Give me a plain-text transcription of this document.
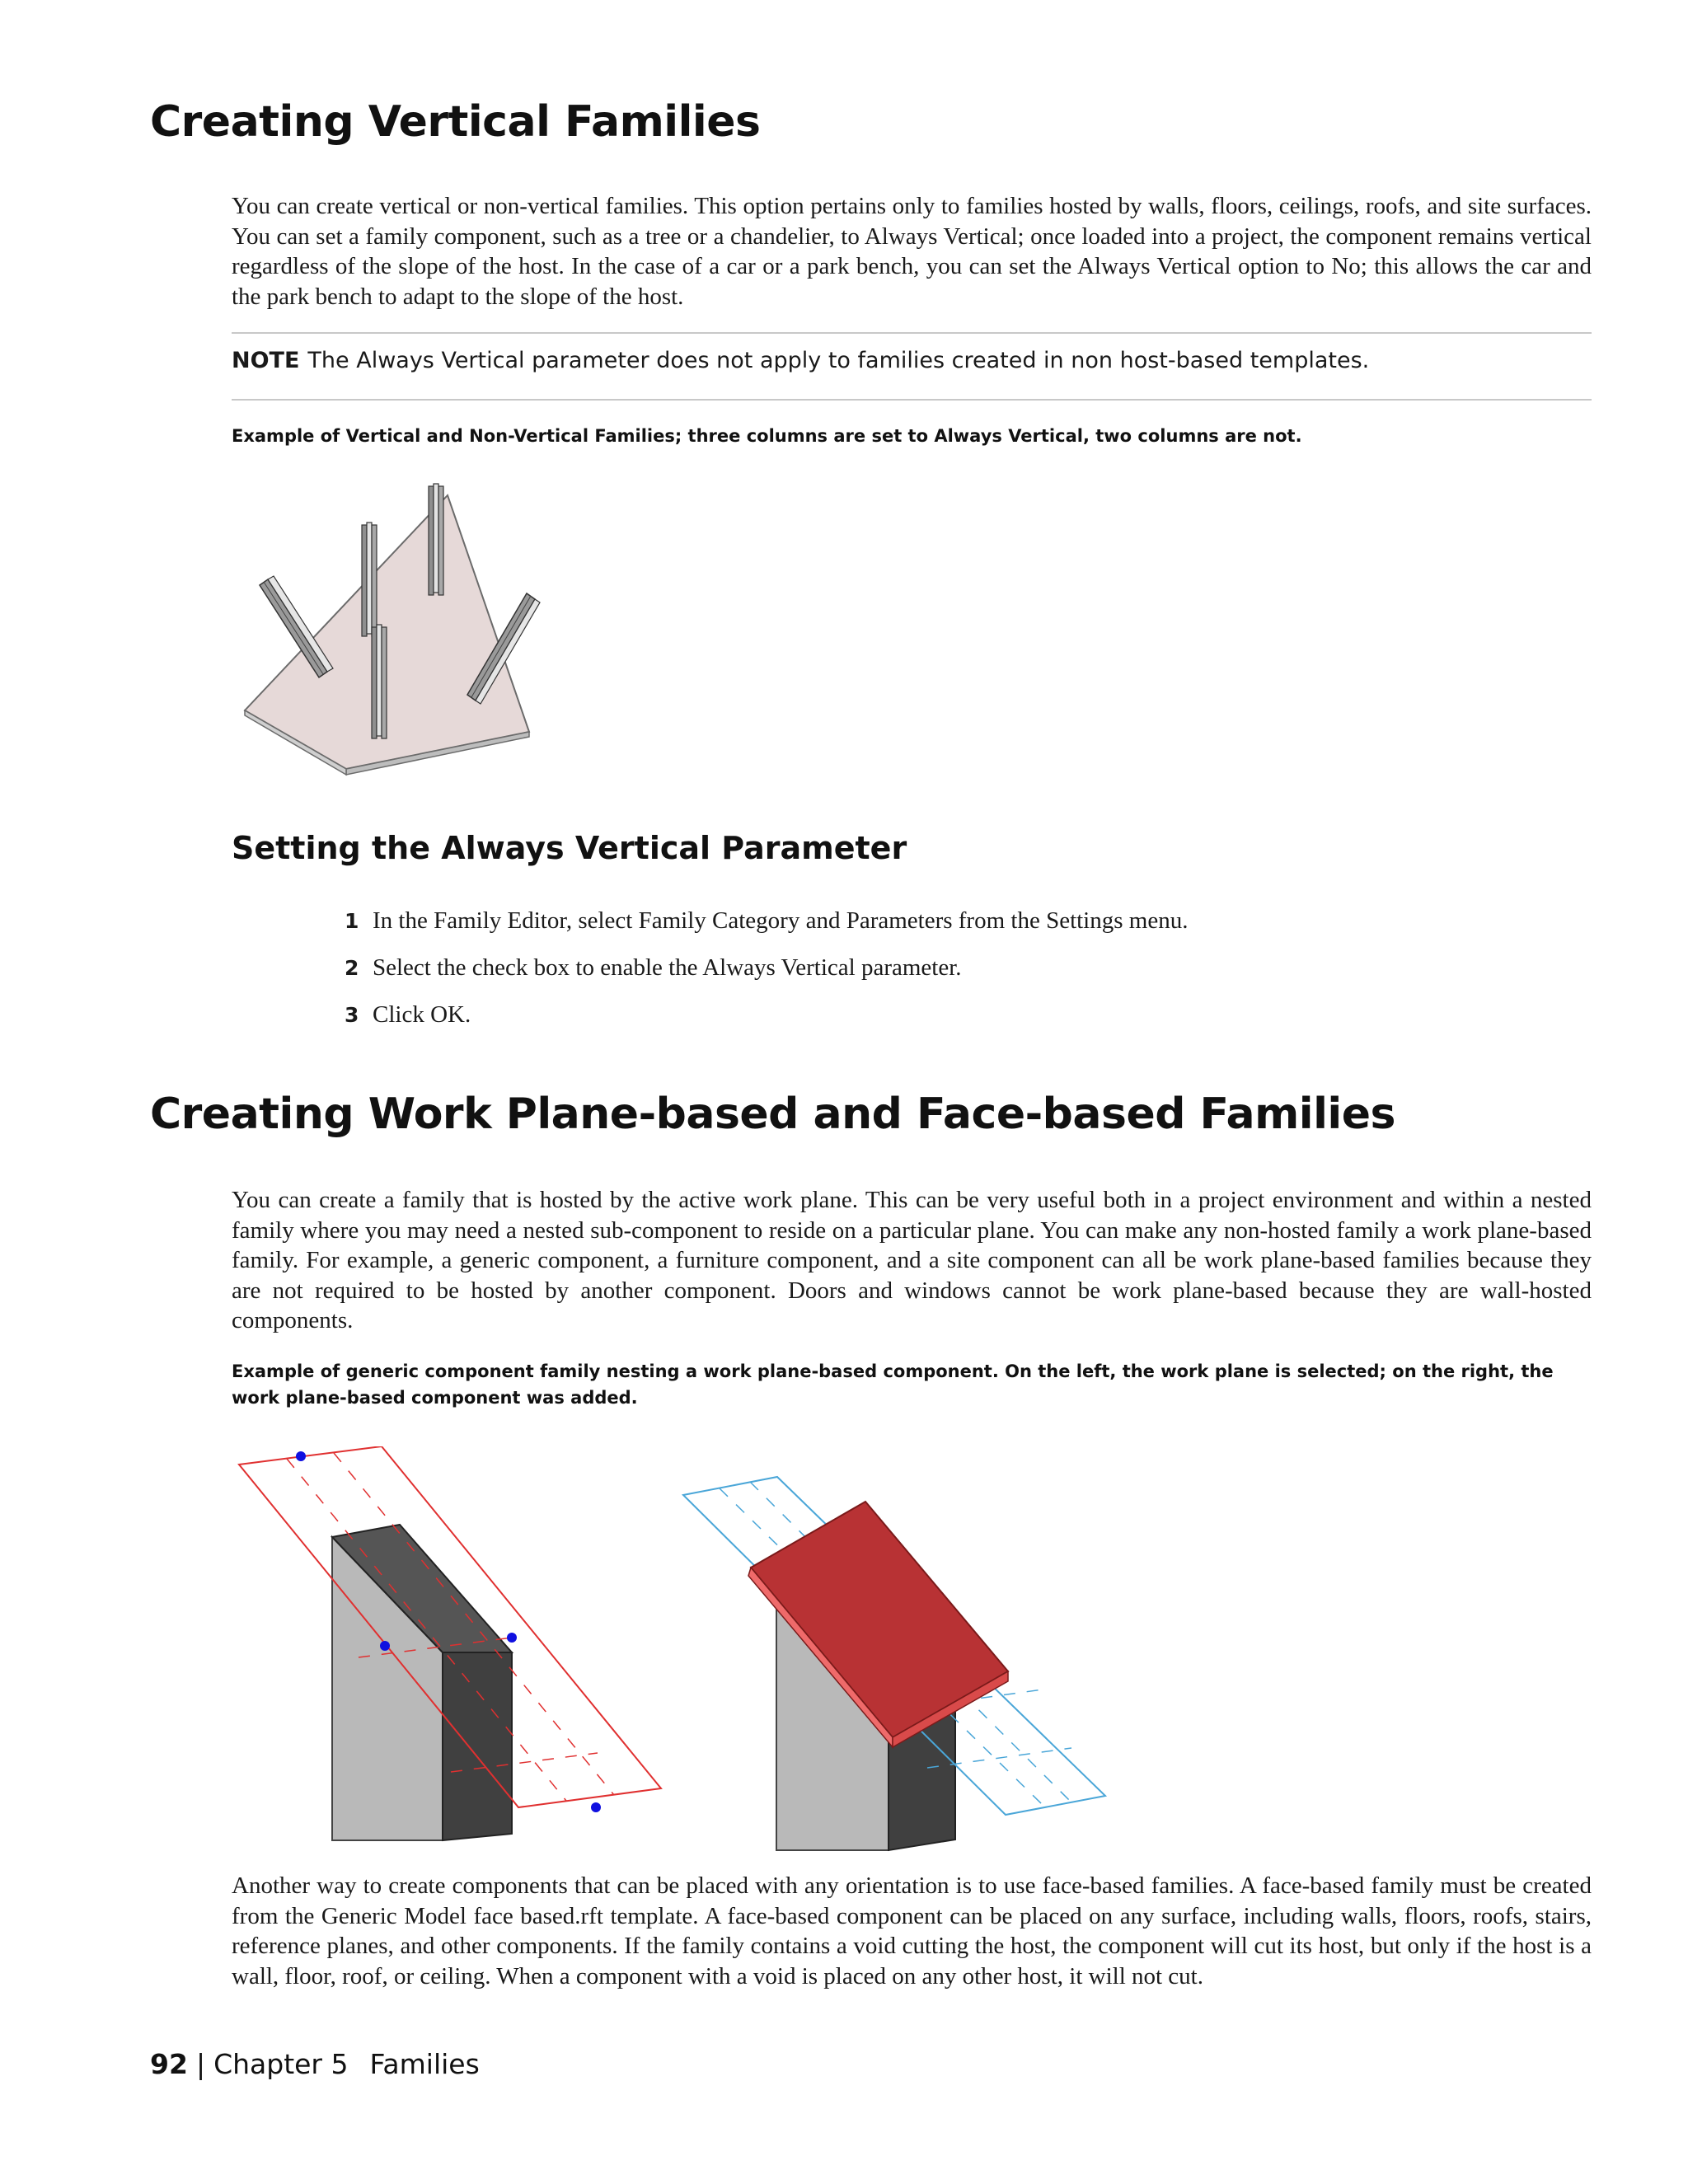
Creating Vertical Families

You can create vertical or non-vertical families. This option pertains only to families hosted by walls, floors, ceilings, roofs, and site surfaces. You can set a family component, such as a tree or a chandelier, to Always Vertical; once loaded into a project, the component remains vertical regardless of the slope of the host. In the case of a car or a park bench, you can set the Always Vertical option to No; this allows the car and the park bench to adapt to the slope of the host.

NOTE The Always Vertical parameter does not apply to families created in non host-based templates.

Example of Vertical and Non-Vertical Families; three columns are set to Always Vertical, two columns are not.

Setting the Always Vertical Parameter
1 In the Family Editor, select Family Category and Parameters from the Settings menu.
2 Select the check box to enable the Always Vertical parameter.
3 Click OK.
Creating Work Plane-based and Face-based Families

You can create a family that is hosted by the active work plane. This can be very useful both in a project environment and within a nested family where you may need a nested sub-component to reside on a particular plane. You can make any non-hosted family a work plane-based family. For example, a generic component, a furniture component, and a site component can all be work plane-based families because they are not required to be hosted by another component. Doors and windows cannot be work plane-based because they are wall-hosted components.

Example of generic component family nesting a work plane-based component. On the left, the work plane is selected; on the right, the work plane-based component was added.

Another way to create components that can be placed with any orientation is to use face-based families. A face-based family must be created from the Generic Model face based.rft template. A face-based component can be placed on any surface, including walls, floors, roofs, stairs, reference planes, and other components. If the family contains a void cutting the host, the component will cut its host, but only if the host is a wall, floor, roof, or ceiling. When a component with a void is placed on any other host, it will not cut.

92 | Chapter 5 Families
